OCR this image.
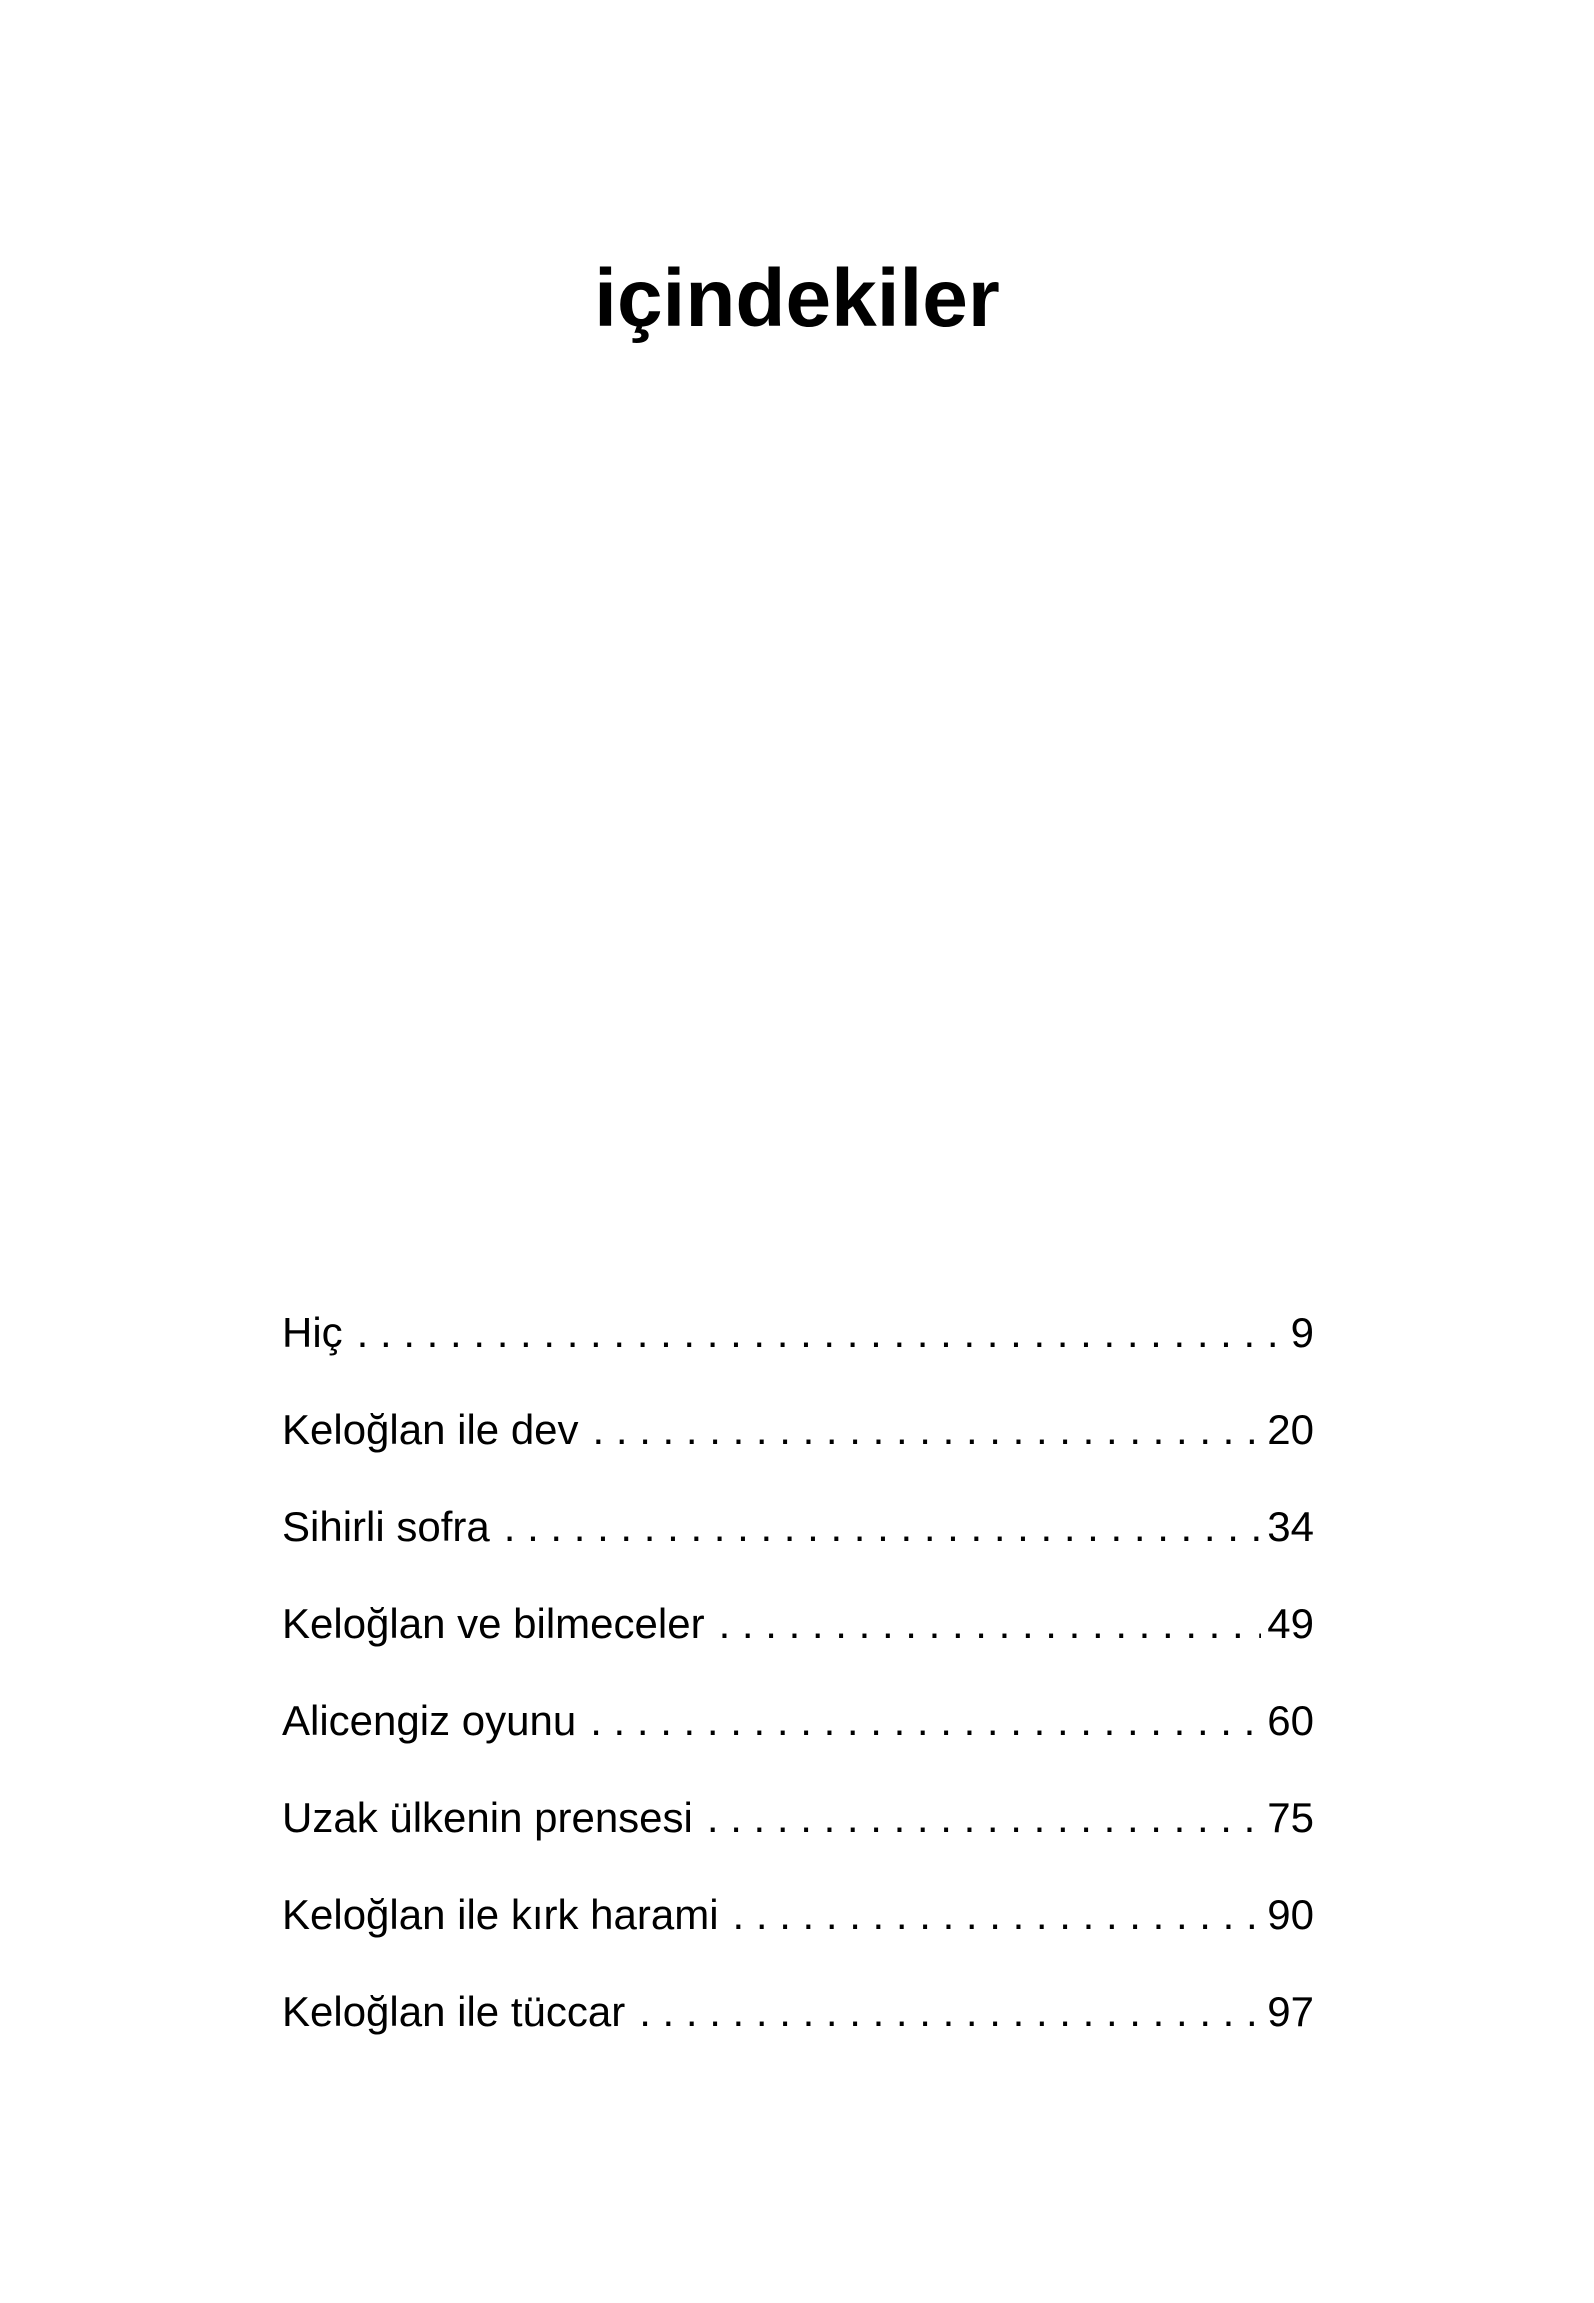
içindekiler
Hiç . . .	9
Keloğlan ile dev . . .	20
Sihirli sofra . . .	34
Keloğlan ve bilmeceler . . .	49
Alicengiz oyunu . . .	60
Uzak ülkenin prensesi . . .	75
Keloğlan ile kırk harami . . .	90
Keloğlan ile tüccar . . .	97
